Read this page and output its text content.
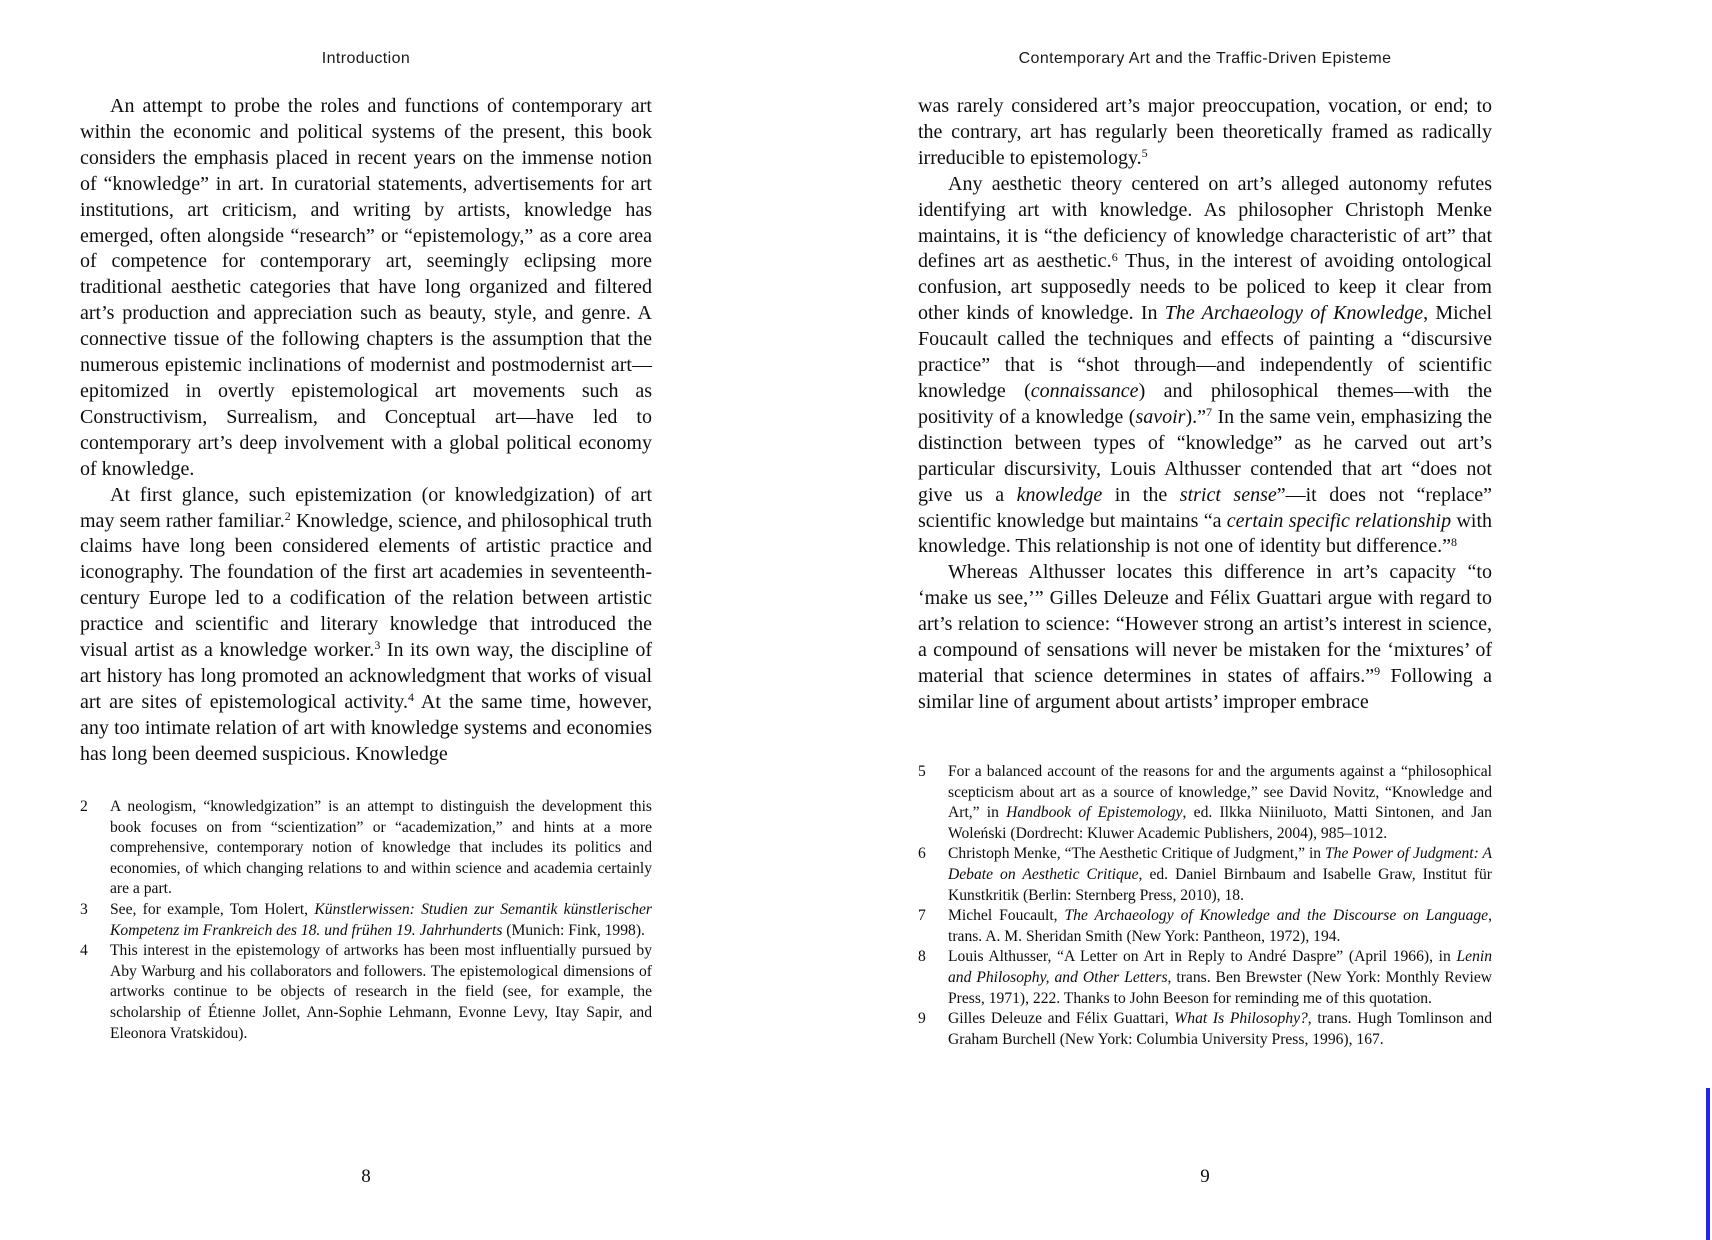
Introduction

An attempt to probe the roles and functions of contemporary art within the economic and political systems of the present, this book considers the emphasis placed in recent years on the immense notion of “knowledge” in art. In curatorial statements, advertisements for art institutions, art criticism, and writing by artists, knowledge has emerged, often alongside “research” or “epistemology,” as a core area of competence for contemporary art, seemingly eclipsing more traditional aesthetic categories that have long organized and filtered art’s production and appreciation such as beauty, style, and genre. A connective tissue of the following chapters is the assumption that the numerous epistemic inclinations of modernist and postmodernist art—epitomized in overtly epistemological art movements such as Constructivism, Surrealism, and Conceptual art—have led to contemporary art’s deep involvement with a global political economy of knowledge.

At first glance, such epistemization (or knowledgization) of art may seem rather familiar.$^2$ Knowledge, science, and philosophical truth claims have long been considered elements of artistic practice and iconography. The foundation of the first art academies in seventeenth-century Europe led to a codification of the relation between artistic practice and scientific and literary knowledge that introduced the visual artist as a knowledge worker.$^3$ In its own way, the discipline of art history has long promoted an acknowledgment that works of visual art are sites of epistemological activity.$^4$ At the same time, however, any too intimate relation of art with knowledge systems and economies has long been deemed suspicious. Knowledge

2	A neologism, “knowledgization” is an attempt to distinguish the development this book focuses on from “scientization” or “academization,” and hints at a more comprehensive, contemporary notion of knowledge that includes its politics and economies, of which changing relations to and within science and academia certainly are a part.
3	See, for example, Tom Holert, Künstlerwissen: Studien zur Semantik künstlerischer Kompetenz im Frankreich des 18. und frühen 19. Jahrhunderts (Munich: Fink, 1998).
4	This interest in the epistemology of artworks has been most influentially pursued by Aby Warburg and his collaborators and followers. The epistemological dimensions of artworks continue to be objects of research in the field (see, for example, the scholarship of Étienne Jollet, Ann-Sophie Lehmann, Evonne Levy, Itay Sapir, and Eleonora Vratskidou).
8
Contemporary Art and the Traffic-Driven Episteme

was rarely considered art’s major preoccupation, vocation, or end; to the contrary, art has regularly been theoretically framed as radically irreducible to epistemology.$^5$

Any aesthetic theory centered on art’s alleged autonomy refutes identifying art with knowledge. As philosopher Christoph Menke maintains, it is “the deficiency of knowledge characteristic of art” that defines art as aesthetic.$^6$ Thus, in the interest of avoiding ontological confusion, art supposedly needs to be policed to keep it clear from other kinds of knowledge. In The Archaeology of Knowledge, Michel Foucault called the techniques and effects of painting a “discursive practice” that is “shot through—and independently of scientific knowledge (connaissance) and philosophical themes—with the positivity of a knowledge (savoir).”$^7$ In the same vein, emphasizing the distinction between types of “knowledge” as he carved out art’s particular discursivity, Louis Althusser contended that art “does not give us a knowledge in the strict sense”—it does not “replace” scientific knowledge but maintains “a certain specific relationship with knowledge. This relationship is not one of identity but difference.”$^8$

Whereas Althusser locates this difference in art’s capacity “to ‘make us see,’” Gilles Deleuze and Félix Guattari argue with regard to art’s relation to science: “However strong an artist’s interest in science, a compound of sensations will never be mistaken for the ‘mixtures’ of material that science determines in states of affairs.”$^9$ Following a similar line of argument about artists’ improper embrace

5	For a balanced account of the reasons for and the arguments against a “philosophical scepticism about art as a source of knowledge,” see David Novitz, “Knowledge and Art,” in Handbook of Epistemology, ed. Ilkka Niiniluoto, Matti Sintonen, and Jan Woleński (Dordrecht: Kluwer Academic Publishers, 2004), 985–1012.
6	Christoph Menke, “The Aesthetic Critique of Judgment,” in The Power of Judgment: A Debate on Aesthetic Critique, ed. Daniel Birnbaum and Isabelle Graw, Institut für Kunstkritik (Berlin: Sternberg Press, 2010), 18.
7	Michel Foucault, The Archaeology of Knowledge and the Discourse on Language, trans. A. M. Sheridan Smith (New York: Pantheon, 1972), 194.
8	Louis Althusser, “A Letter on Art in Reply to André Daspre” (April 1966), in Lenin and Philosophy, and Other Letters, trans. Ben Brewster (New York: Monthly Review Press, 1971), 222. Thanks to John Beeson for reminding me of this quotation.
9	Gilles Deleuze and Félix Guattari, What Is Philosophy?, trans. Hugh Tomlinson and Graham Burchell (New York: Columbia University Press, 1996), 167.
9
